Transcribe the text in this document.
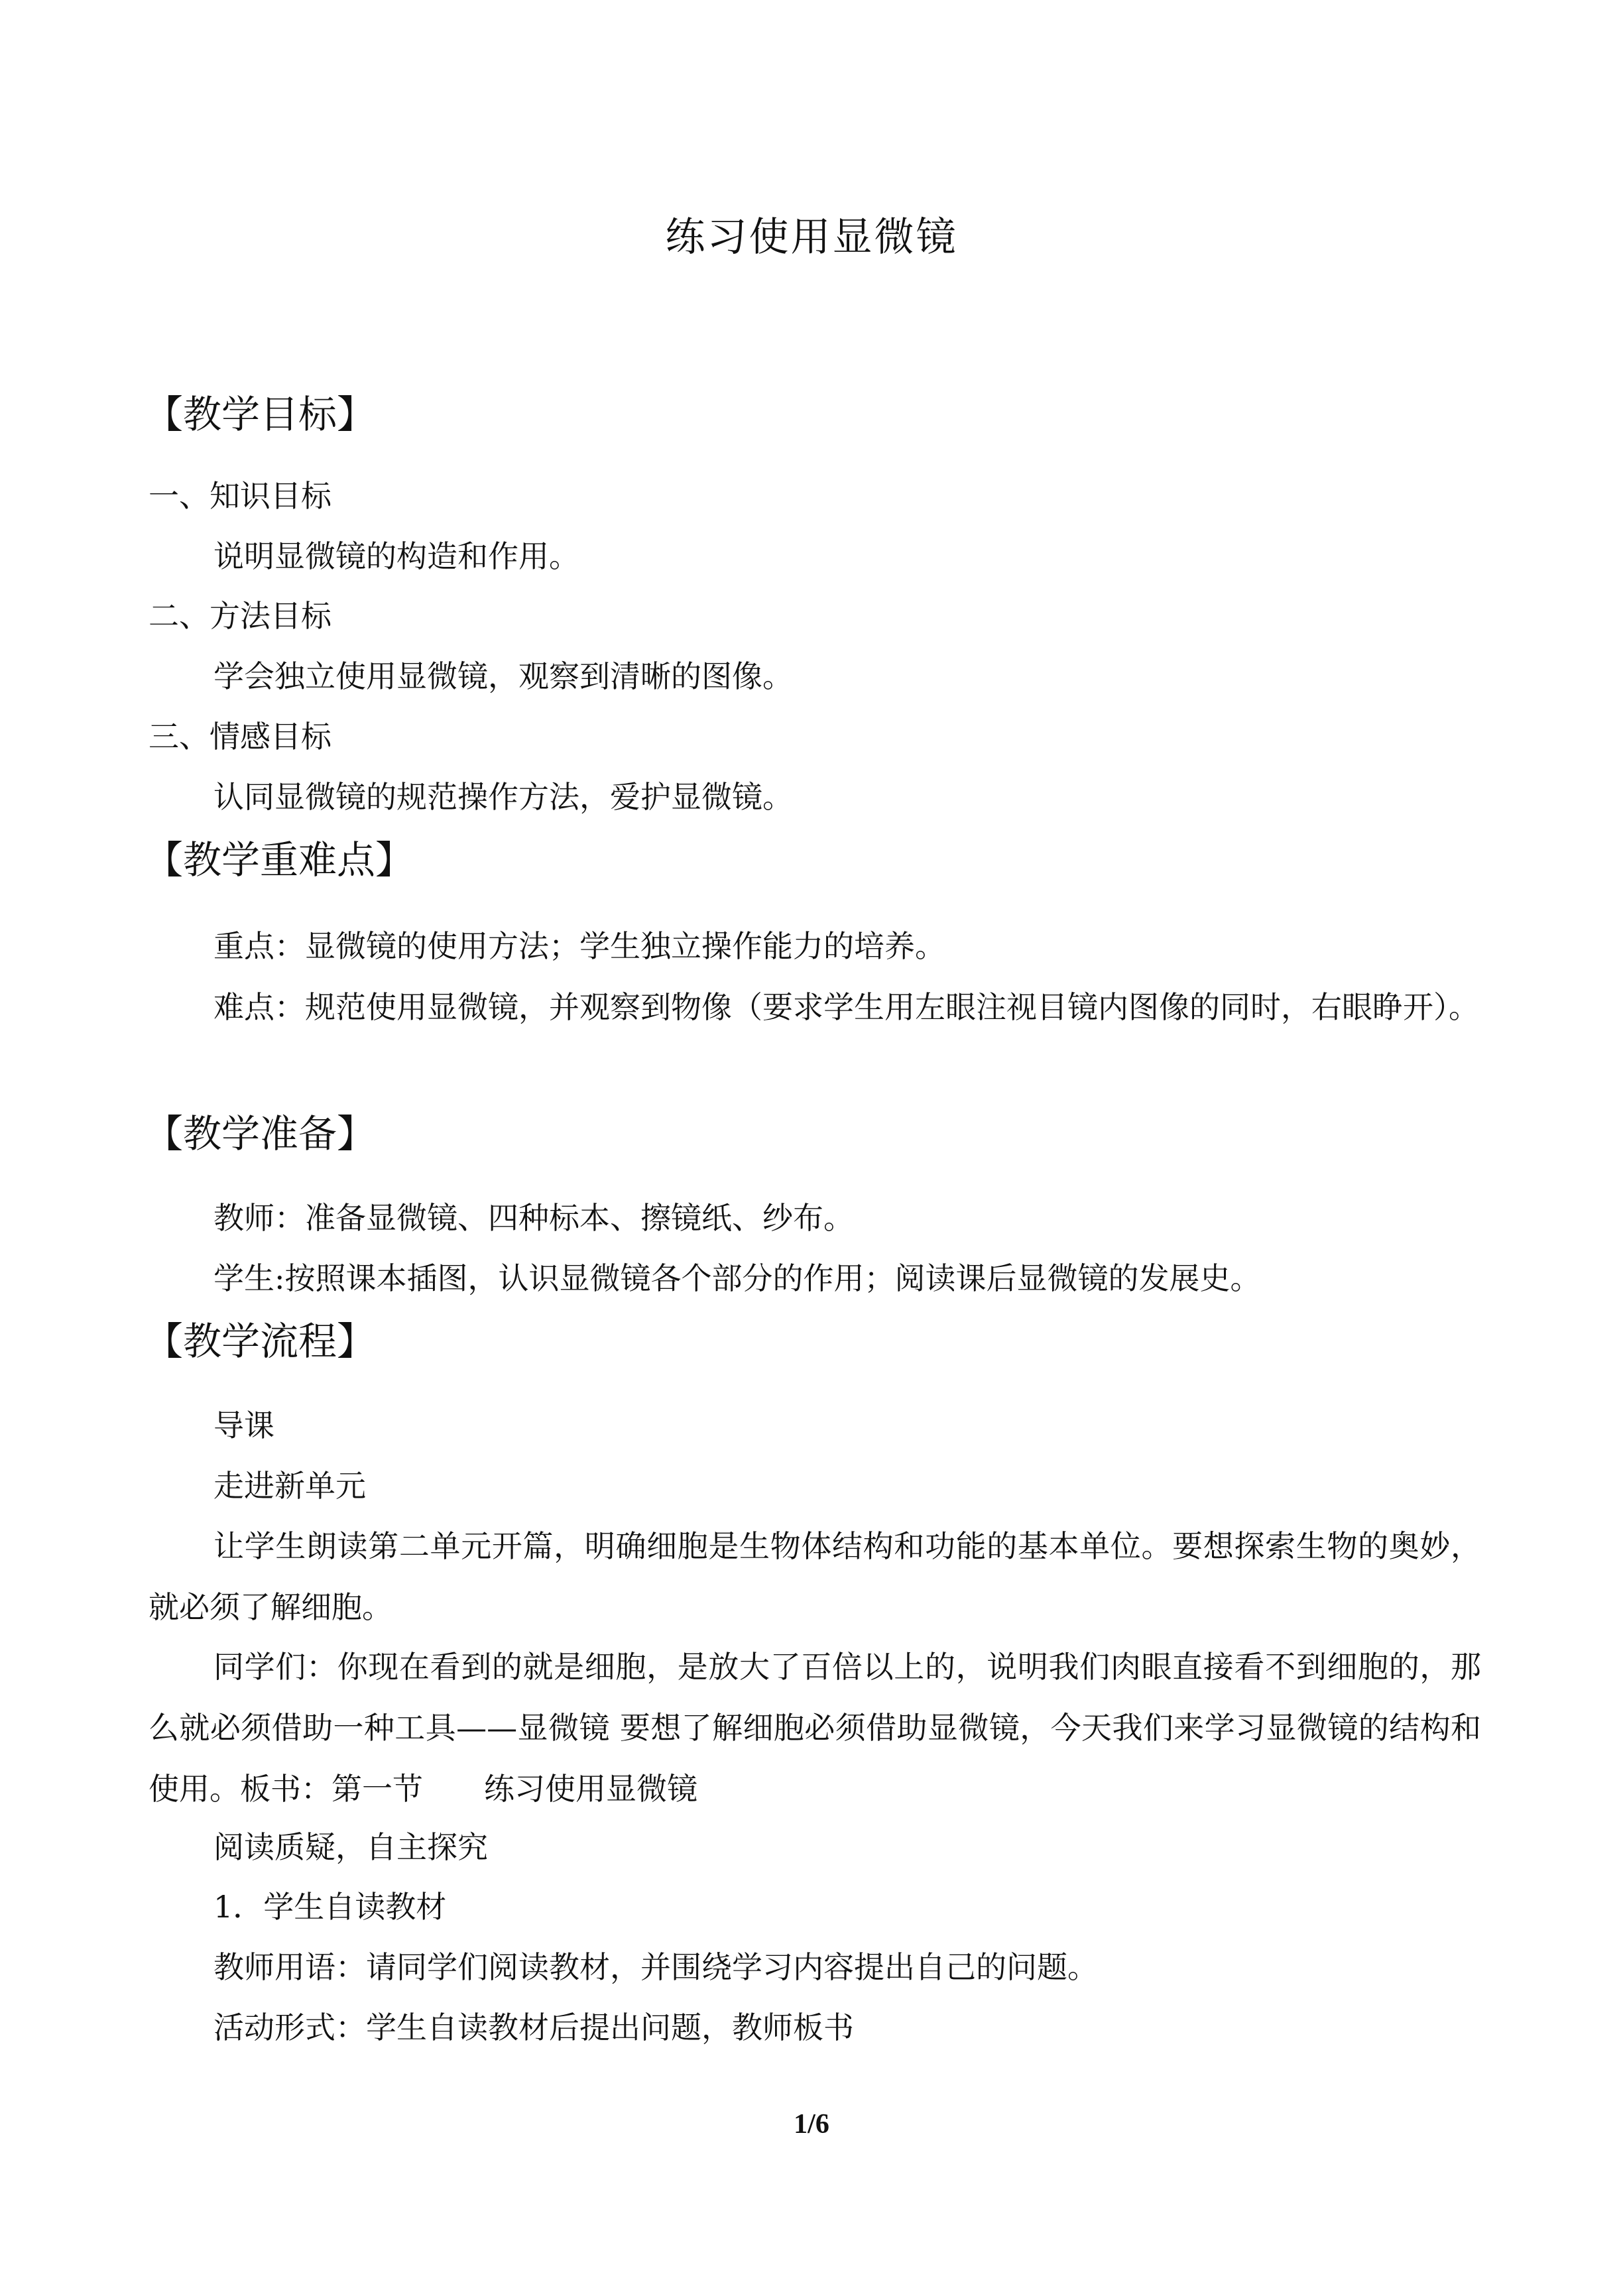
练习使用显微镜
【教学目标】
一、知识目标
说明显微镜的构造和作用。
二、方法目标
学会独立使用显微镜，观察到清晰的图像。
三、情感目标
认同显微镜的规范操作方法，爱护显微镜。
【教学重难点】
重点：显微镜的使用方法；学生独立操作能力的培养。
难点：规范使用显微镜，并观察到物像（要求学生用左眼注视目镜内图像的同时，右眼睁开）。
【教学准备】
教师：准备显微镜、四种标本、擦镜纸、纱布。
学生:按照课本插图，认识显微镜各个部分的作用；阅读课后显微镜的发展史。
【教学流程】
导课
走进新单元
让学生朗读第二单元开篇，明确细胞是生物体结构和功能的基本单位。要想探索生物的奥妙，就必须了解细胞。
同学们：你现在看到的就是细胞，是放大了百倍以上的，说明我们肉眼直接看不到细胞的，那么就必须借助一种工具——显微镜 要想了解细胞必须借助显微镜，今天我们来学习显微镜的结构和使用。板书：第一节　　练习使用显微镜
阅读质疑，自主探究
1．学生自读教材
教师用语：请同学们阅读教材，并围绕学习内容提出自己的问题。
活动形式：学生自读教材后提出问题，教师板书
1/6
